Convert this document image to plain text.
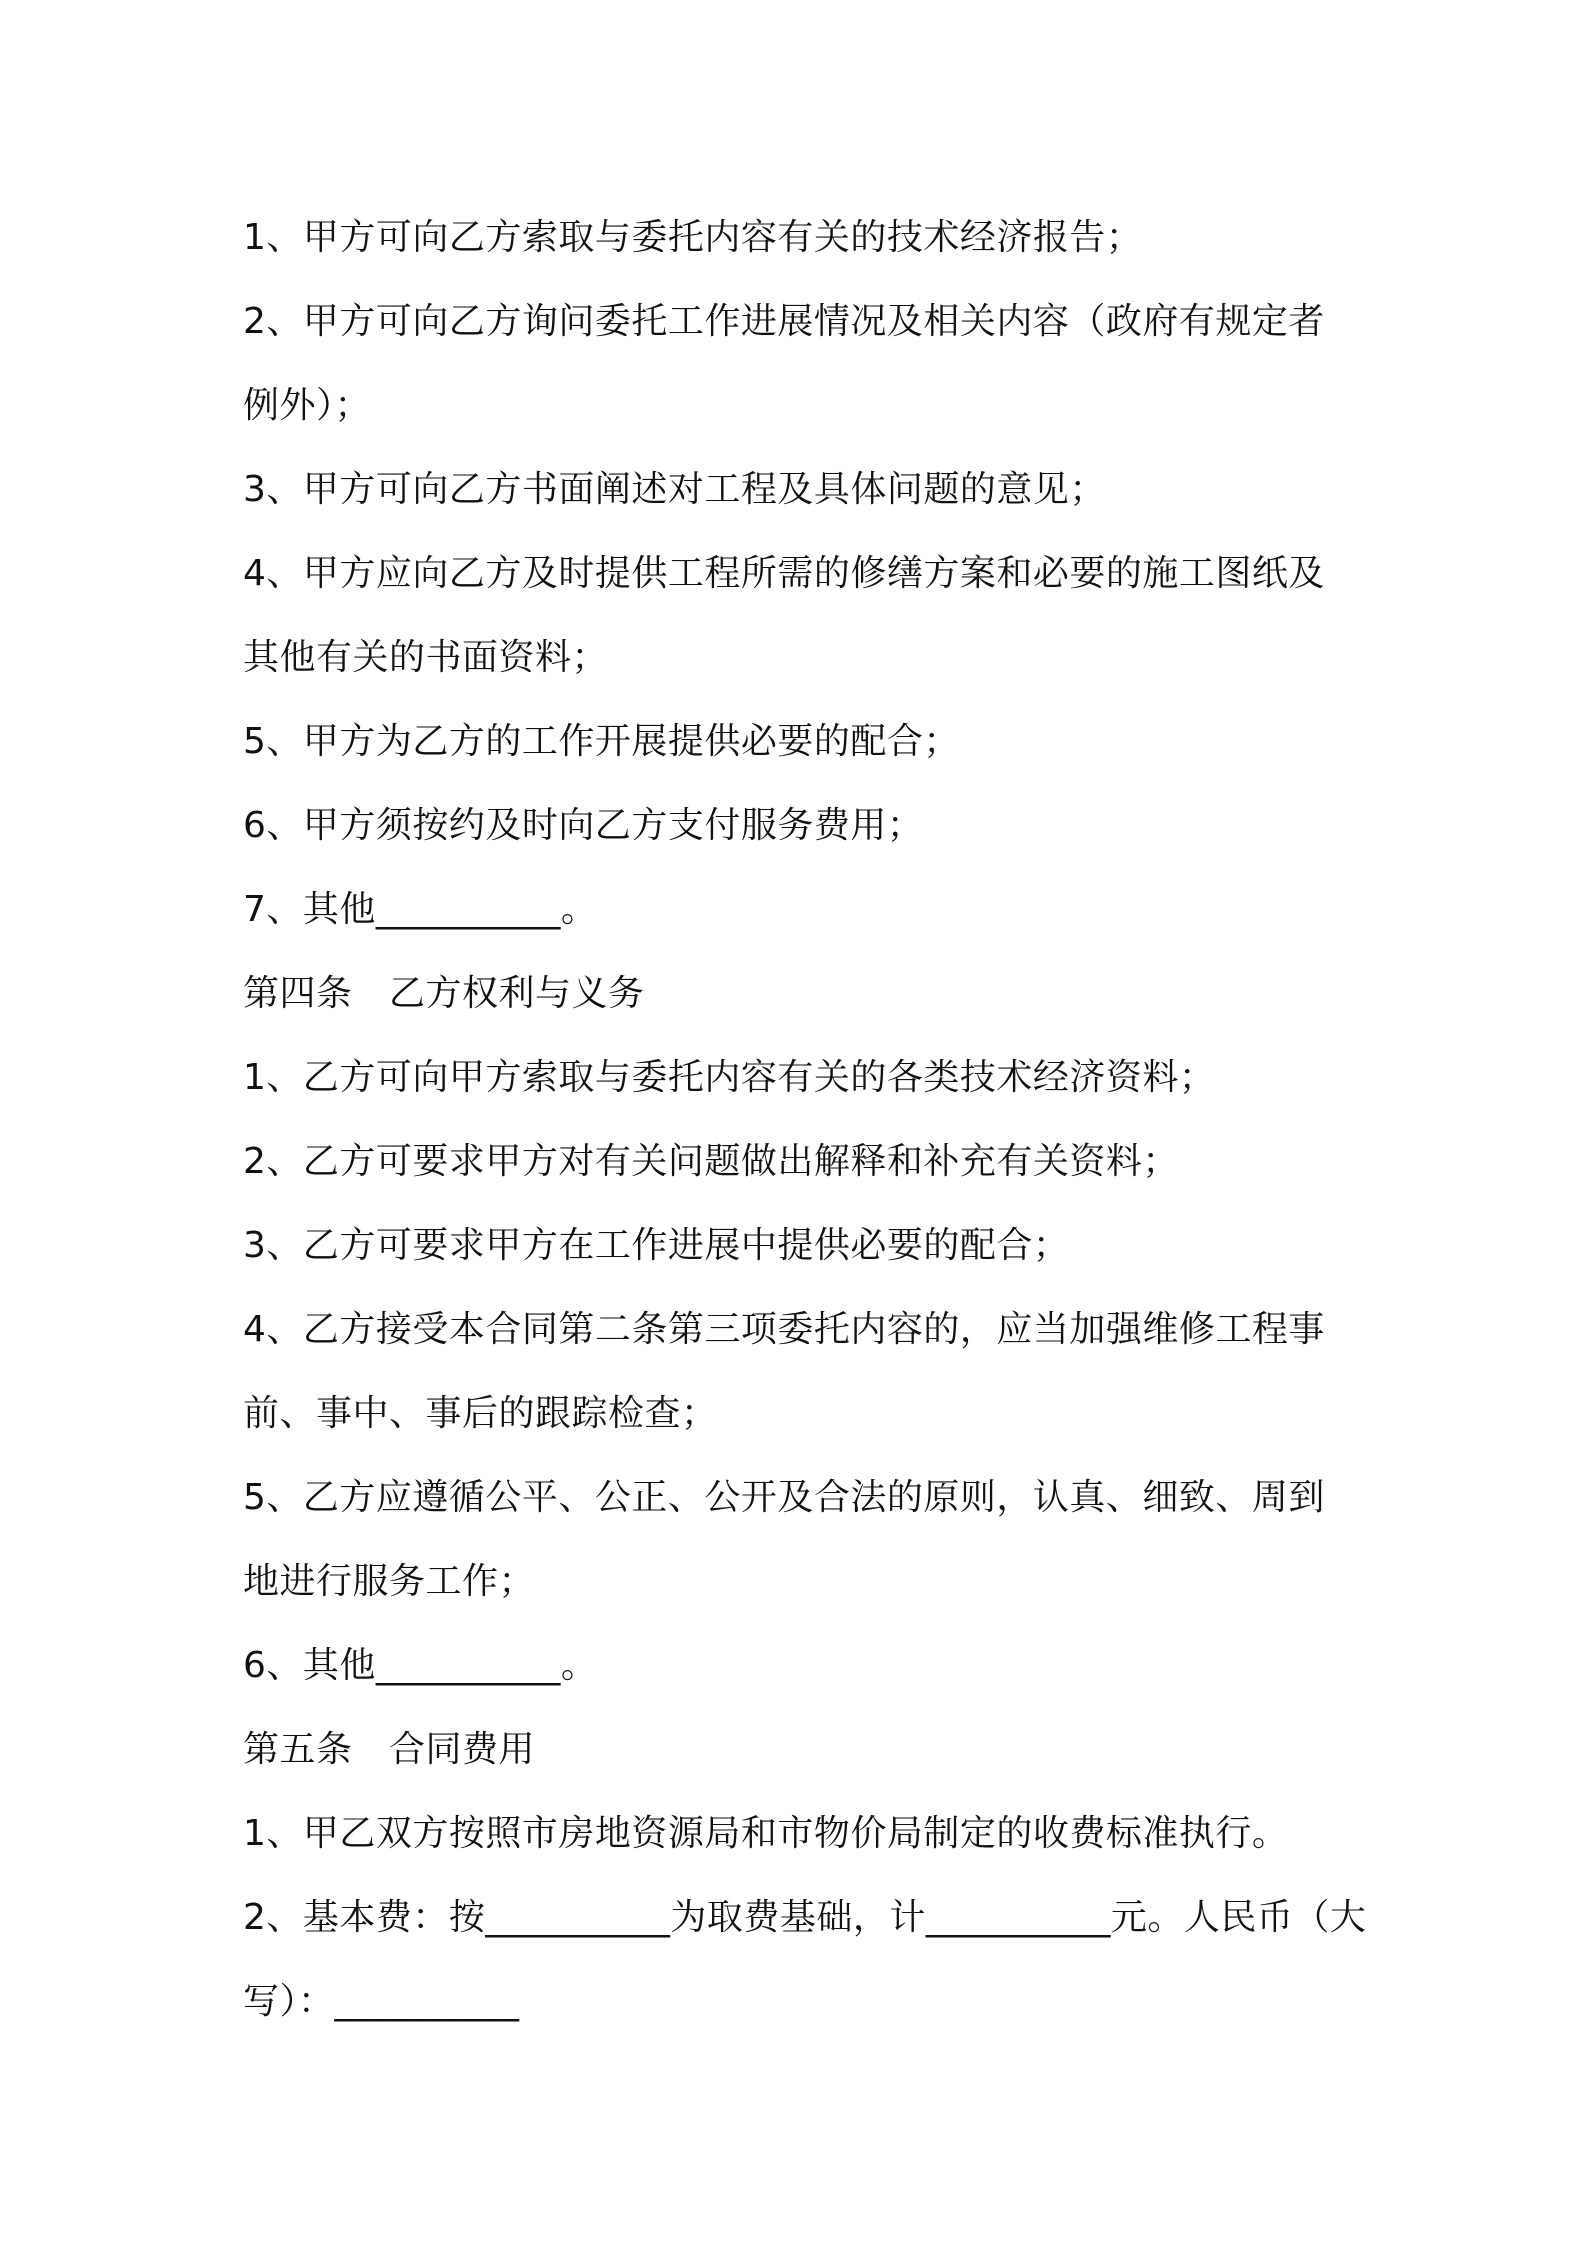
1、甲方可向乙方索取与委托内容有关的技术经济报告；
2、甲方可向乙方询问委托工作进展情况及相关内容（政府有规定者
例外）；
3、甲方可向乙方书面阐述对工程及具体问题的意见；
4、甲方应向乙方及时提供工程所需的修缮方案和必要的施工图纸及
其他有关的书面资料；
5、甲方为乙方的工作开展提供必要的配合；
6、甲方须按约及时向乙方支付服务费用；
7、其他__________。
第四条　乙方权利与义务
1、乙方可向甲方索取与委托内容有关的各类技术经济资料；
2、乙方可要求甲方对有关问题做出解释和补充有关资料；
3、乙方可要求甲方在工作进展中提供必要的配合；
4、乙方接受本合同第二条第三项委托内容的，应当加强维修工程事
前、事中、事后的跟踪检查；
5、乙方应遵循公平、公正、公开及合法的原则，认真、细致、周到
地进行服务工作；
6、其他__________。
第五条　合同费用
1、甲乙双方按照市房地资源局和市物价局制定的收费标准执行。
2、基本费：按__________为取费基础，计__________元。人民币（大
写）：__________
